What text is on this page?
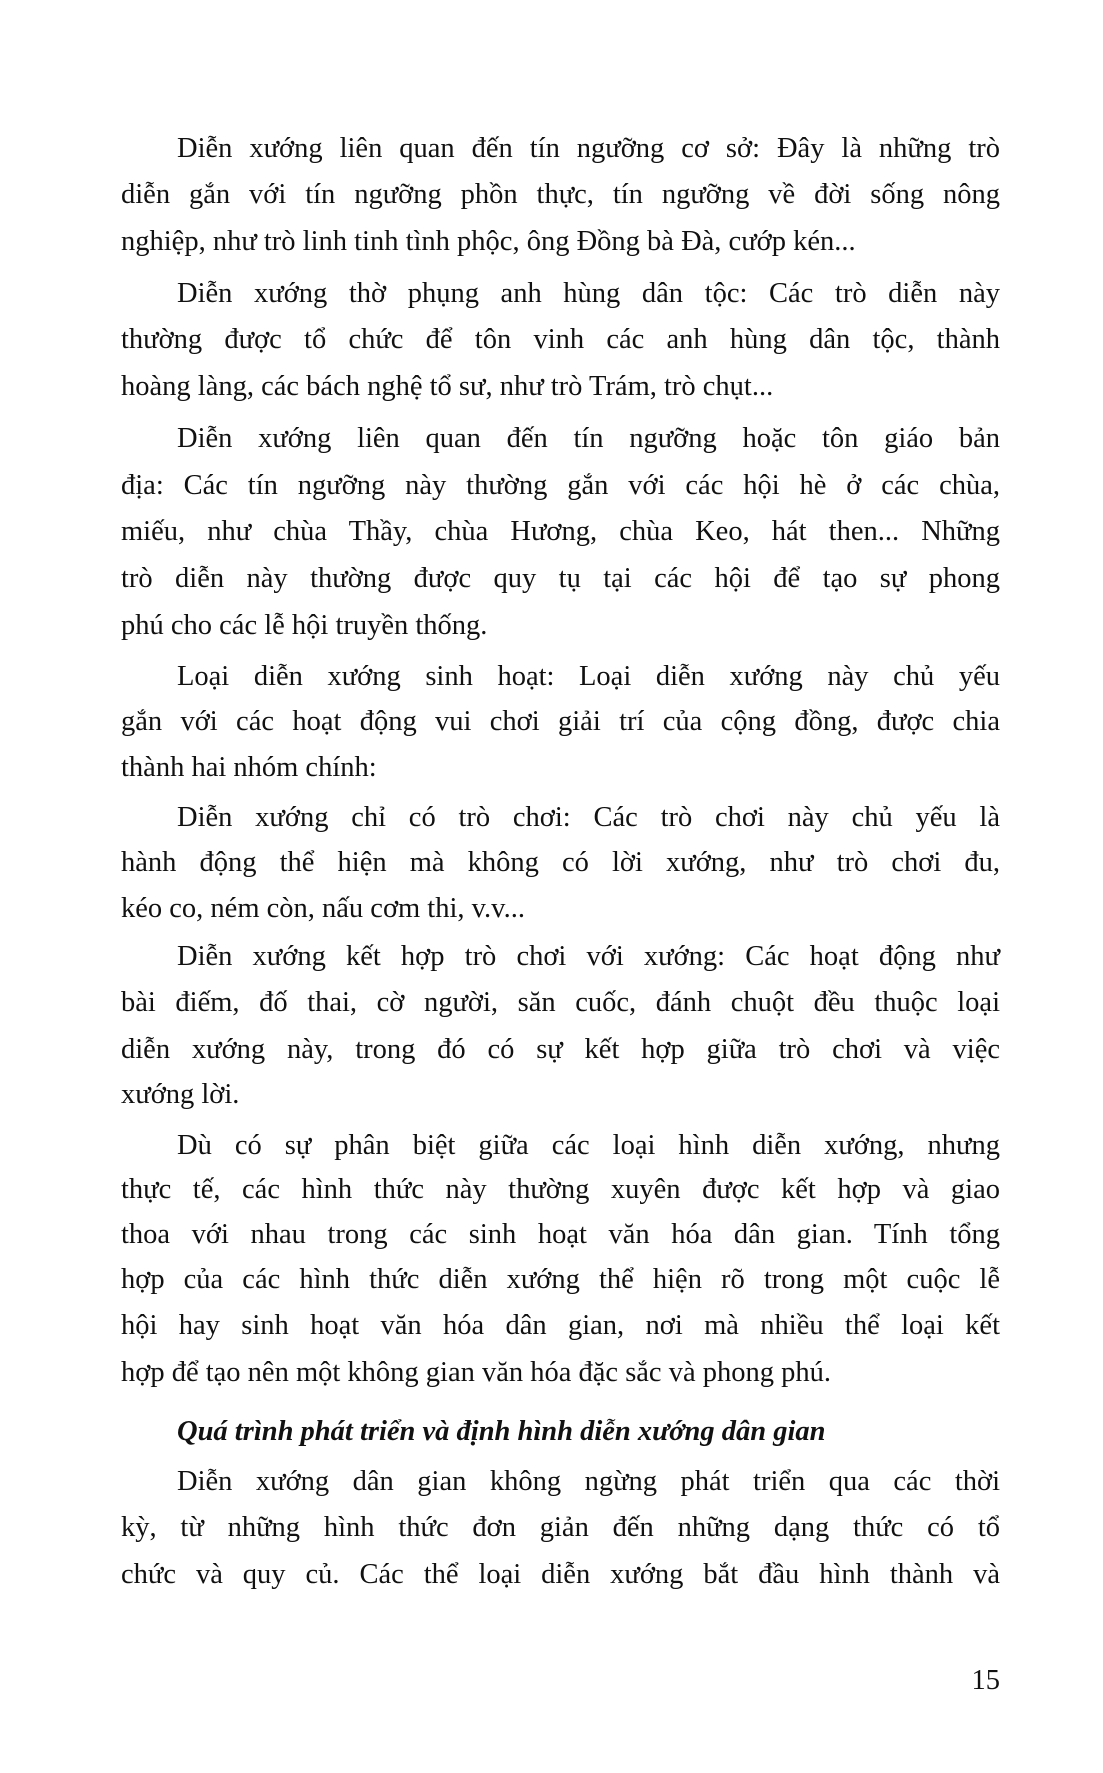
Diễn xướng liên quan đến tín ngưỡng cơ sở: Đây là những trò
diễn gắn với tín ngưỡng phồn thực, tín ngưỡng về đời sống nông
nghiệp, như trò linh tinh tình phộc, ông Đồng bà Đà, cướp kén...
Diễn xướng thờ phụng anh hùng dân tộc: Các trò diễn này
thường được tổ chức để tôn vinh các anh hùng dân tộc, thành
hoàng làng, các bách nghệ tổ sư, như trò Trám, trò chụt...
Diễn xướng liên quan đến tín ngưỡng hoặc tôn giáo bản
địa: Các tín ngưỡng này thường gắn với các hội hè ở các chùa,
miếu, như chùa Thầy, chùa Hương, chùa Keo, hát then... Những
trò diễn này thường được quy tụ tại các hội để tạo sự phong
phú cho các lễ hội truyền thống.
Loại diễn xướng sinh hoạt: Loại diễn xướng này chủ yếu
gắn với các hoạt động vui chơi giải trí của cộng đồng, được chia
thành hai nhóm chính:
Diễn xướng chỉ có trò chơi: Các trò chơi này chủ yếu là
hành động thể hiện mà không có lời xướng, như trò chơi đu,
kéo co, ném còn, nấu cơm thi, v.v...
Diễn xướng kết hợp trò chơi với xướng: Các hoạt động như
bài điếm, đố thai, cờ người, săn cuốc, đánh chuột đều thuộc loại
diễn xướng này, trong đó có sự kết hợp giữa trò chơi và việc
xướng lời.
Dù có sự phân biệt giữa các loại hình diễn xướng, nhưng
thực tế, các hình thức này thường xuyên được kết hợp và giao
thoa với nhau trong các sinh hoạt văn hóa dân gian. Tính tổng
hợp của các hình thức diễn xướng thể hiện rõ trong một cuộc lễ
hội hay sinh hoạt văn hóa dân gian, nơi mà nhiều thể loại kết
hợp để tạo nên một không gian văn hóa đặc sắc và phong phú.
Quá trình phát triển và định hình diễn xướng dân gian
Diễn xướng dân gian không ngừng phát triển qua các thời
kỳ, từ những hình thức đơn giản đến những dạng thức có tổ
chức và quy củ. Các thể loại diễn xướng bắt đầu hình thành và
15
